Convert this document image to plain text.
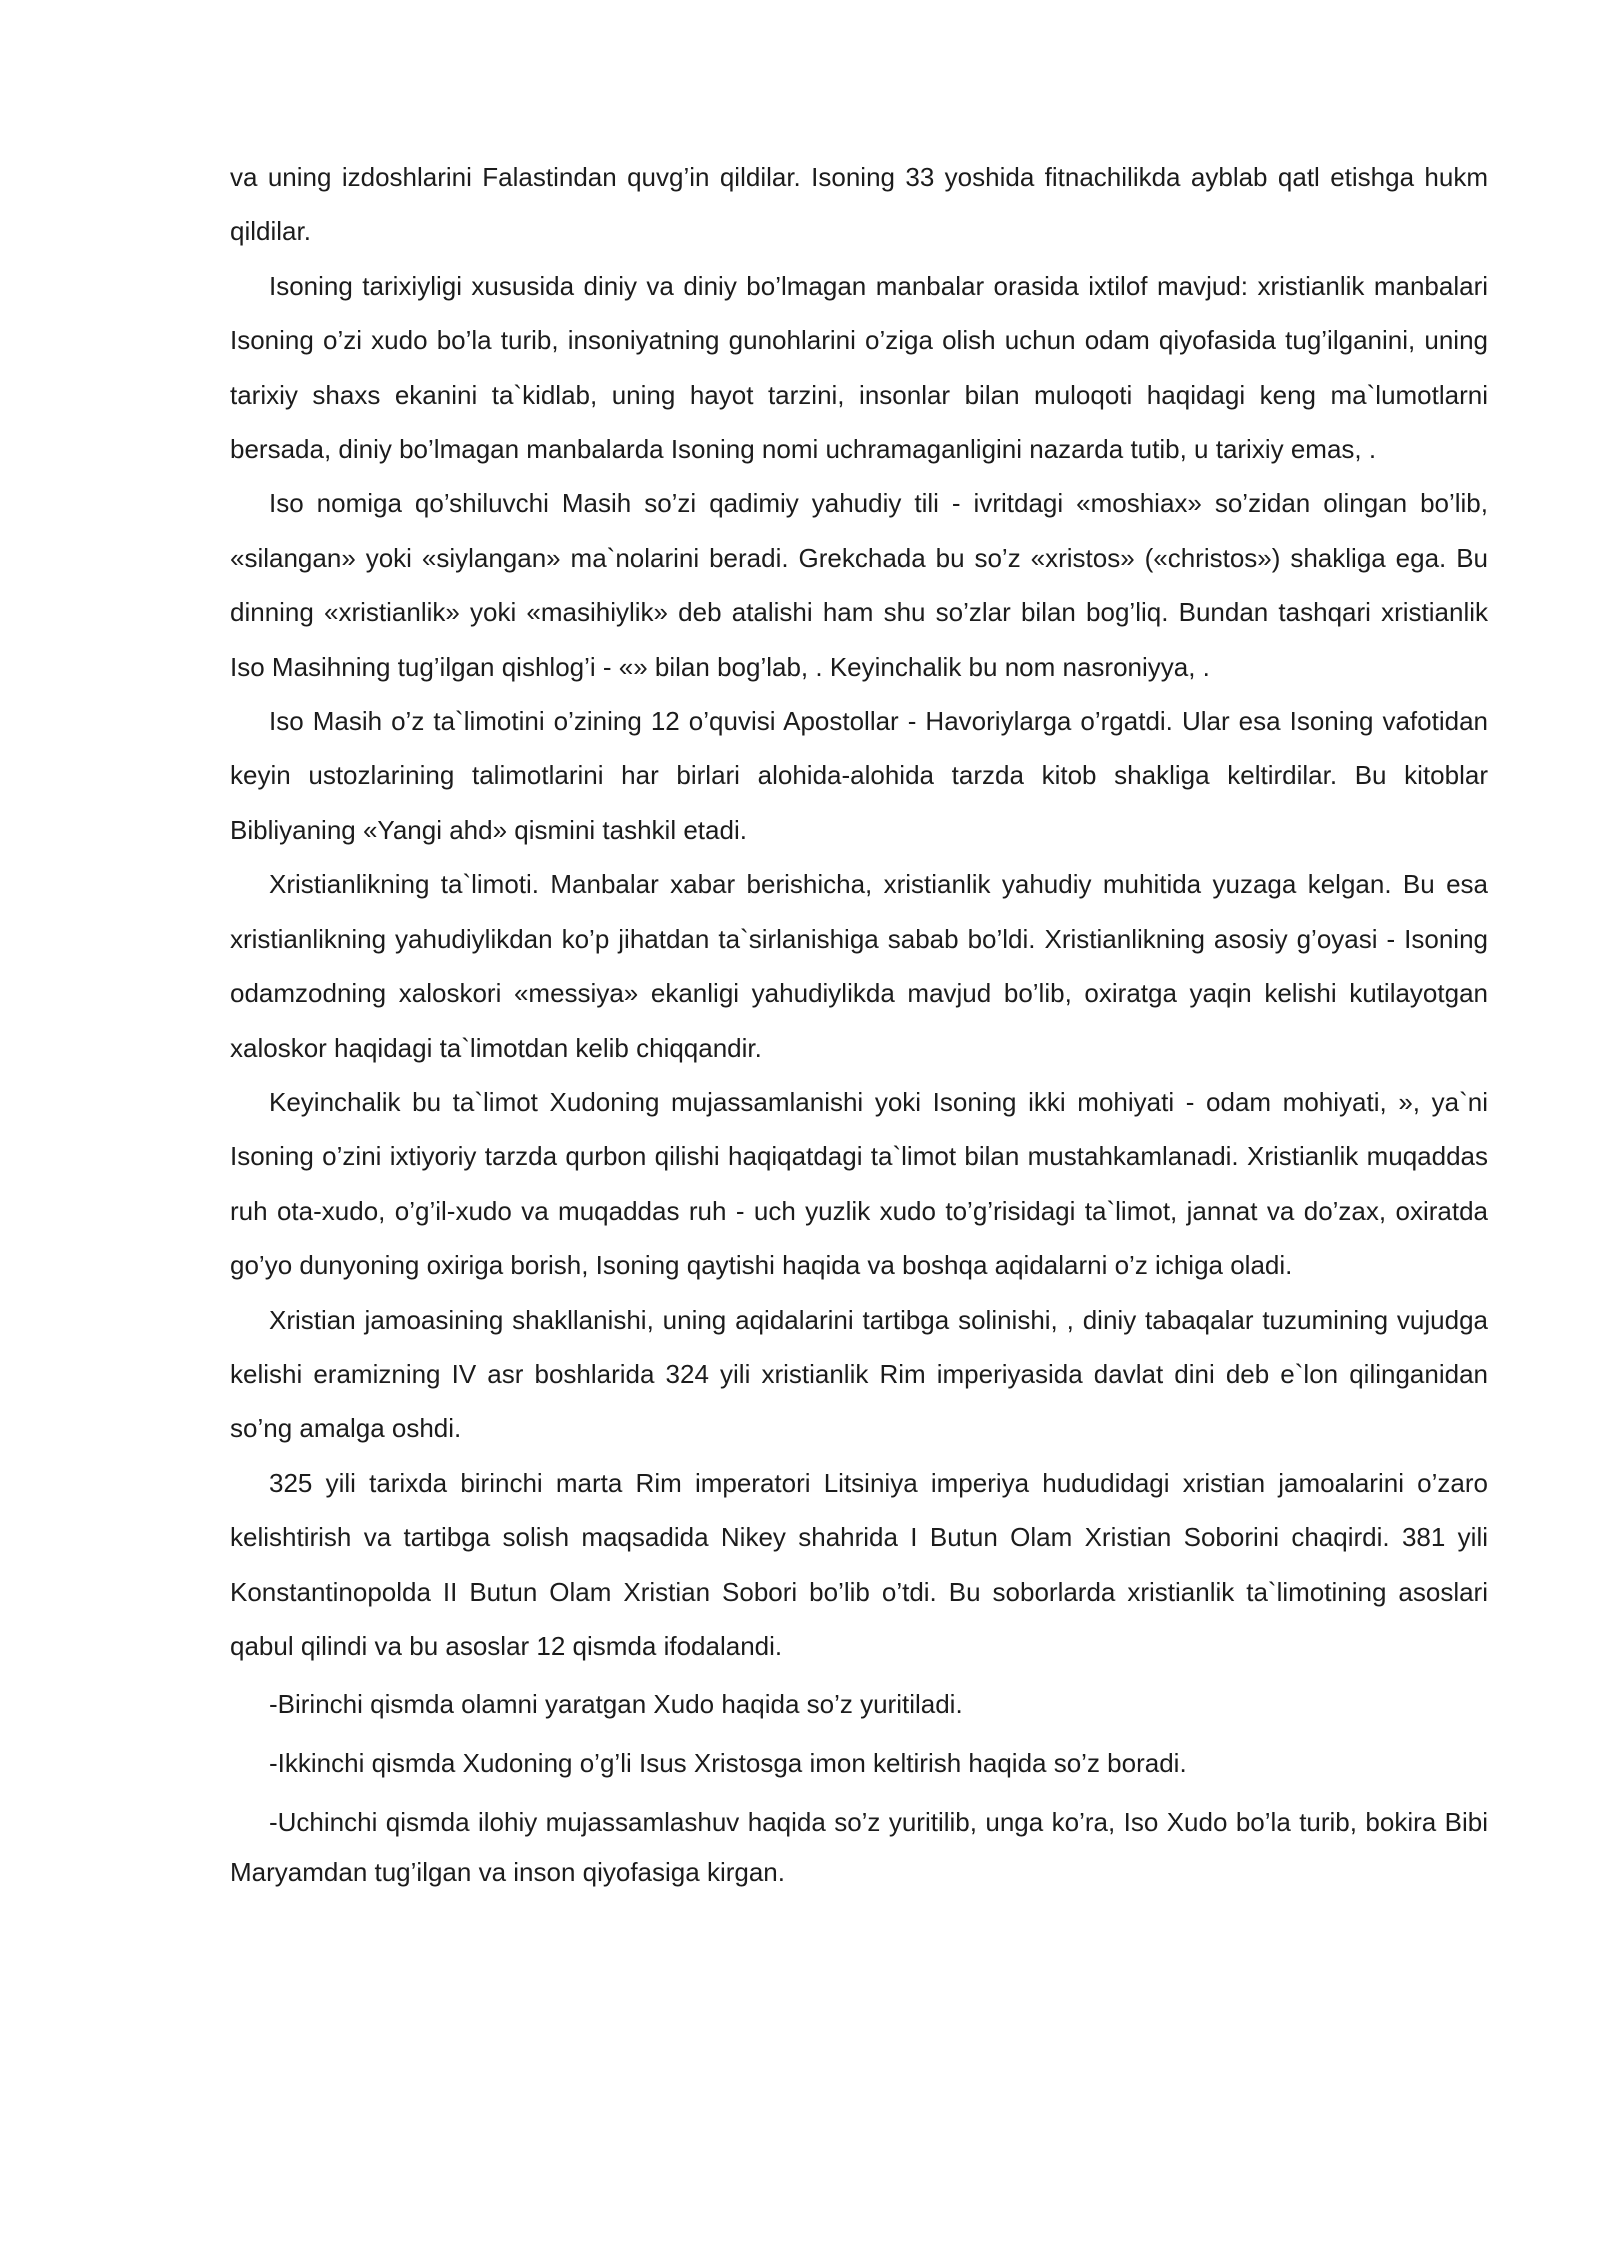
va uning izdoshlarini Falastindan quvg’in qildilar. Isoning 33 yoshida fitnachilikda ayblab qatl etishga hukm qildilar.

Isoning tarixiyligi xususida diniy va diniy bo’lmagan manbalar orasida ixtilof mavjud: xristianlik manbalari Isoning o’zi xudo bo’la turib, insoniyatning gunohlarini o’ziga olish uchun odam qiyofasida tug’ilganini, uning tarixiy shaxs ekanini ta`kidlab, uning hayot tarzini, insonlar bilan muloqoti haqidagi keng ma`lumotlarni bersada, diniy bo’lmagan manbalarda Isoning nomi uchramaganligini nazarda tutib, u tarixiy emas, .

Iso nomiga qo’shiluvchi Masih so’zi qadimiy yahudiy tili - ivritdagi «moshiax» so’zidan olingan bo’lib, «silangan» yoki «siylangan» ma`nolarini beradi. Grekchada bu so’z «xristos» («christos») shakliga ega. Bu dinning «xristianlik» yoki «masihiylik» deb atalishi ham shu so’zlar bilan bog’liq. Bundan tashqari xristianlik Iso Masihning tug’ilgan qishlog’i - «» bilan bog’lab, . Keyinchalik bu nom nasroniyya, .

Iso Masih o’z ta`limotini o’zining 12 o’quvisi Apostollar - Havoriylarga o’rgatdi. Ular esa Isoning vafotidan keyin ustozlarining talimotlarini har birlari alohida-alohida tarzda kitob shakliga keltirdilar. Bu kitoblar Bibliyaning «Yangi ahd» qismini tashkil etadi.

Xristianlikning ta`limoti. Manbalar xabar berishicha, xristianlik yahudiy muhitida yuzaga kelgan. Bu esa xristianlikning yahudiylikdan ko’p jihatdan ta`sirlanishiga sabab bo’ldi. Xristianlikning asosiy g’oyasi - Isoning odamzodning xaloskori «messiya» ekanligi yahudiylikda mavjud bo’lib, oxiratga yaqin kelishi kutilayotgan xaloskor haqidagi ta`limotdan kelib chiqqandir.

Keyinchalik bu ta`limot Xudoning mujassamlanishi yoki Isoning ikki mohiyati - odam mohiyati, », ya`ni Isoning o’zini ixtiyoriy tarzda qurbon qilishi haqiqatdagi ta`limot bilan mustahkamlanadi. Xristianlik muqaddas ruh ota-xudo, o’g’il-xudo va muqaddas ruh - uch yuzlik xudo to’g’risidagi ta`limot, jannat va do’zax, oxiratda go’yo dunyoning oxiriga borish, Isoning qaytishi haqida va boshqa aqidalarni o’z ichiga oladi.

Xristian jamoasining shakllanishi, uning aqidalarini tartibga solinishi, , diniy tabaqalar tuzumining vujudga kelishi eramizning IV asr boshlarida 324 yili xristianlik Rim imperiyasida davlat dini deb e`lon qilinganidan so’ng amalga oshdi.

325 yili tarixda birinchi marta Rim imperatori Litsiniya imperiya hududidagi xristian jamoalarini o’zaro kelishtirish va tartibga solish maqsadida Nikey shahrida I Butun Olam Xristian Soborini chaqirdi. 381 yili Konstantinopolda II Butun Olam Xristian Sobori bo’lib o’tdi. Bu soborlarda xristianlik ta`limotining asoslari qabul qilindi va bu asoslar 12 qismda ifodalandi.

-Birinchi qismda olamni yaratgan Xudo haqida so’z yuritiladi.

-Ikkinchi qismda Xudoning o’g’li Isus Xristosga imon keltirish haqida so’z boradi.

-Uchinchi qismda ilohiy mujassamlashuv haqida so’z yuritilib, unga ko’ra, Iso Xudo bo’la turib, bokira Bibi Maryamdan tug’ilgan va inson qiyofasiga kirgan.
